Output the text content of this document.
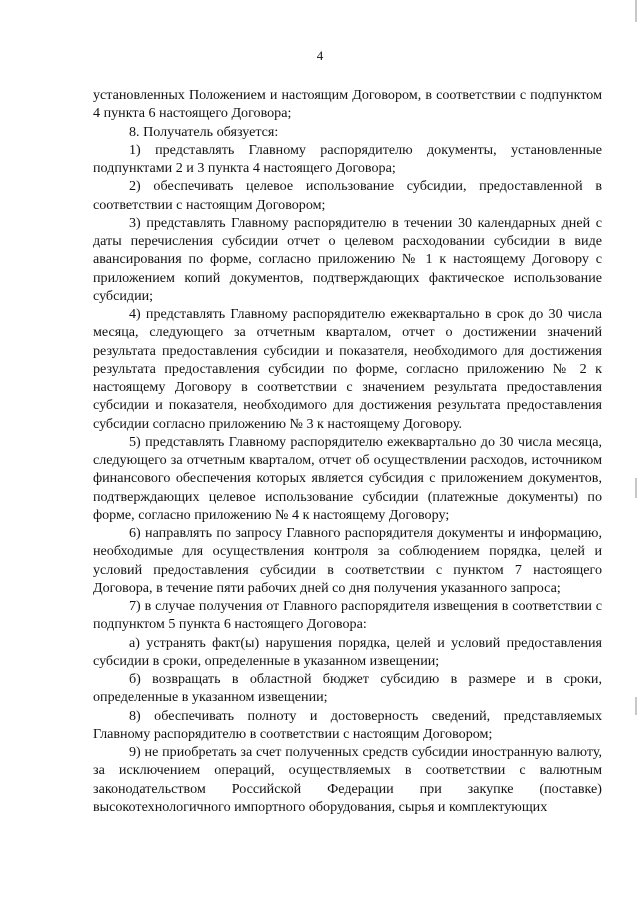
4

установленных Положением и настоящим Договором, в соответствии с подпунктом 4 пункта 6 настоящего Договора;

8. Получатель обязуется:

1) представлять Главному распорядителю документы, установленные подпунктами 2 и 3 пункта 4 настоящего Договора;

2) обеспечивать целевое использование субсидии, предоставленной в соответствии с настоящим Договором;

3) представлять Главному распорядителю в течении 30 календарных дней с даты перечисления субсидии отчет о целевом расходовании субсидии в виде авансирования по форме, согласно приложению № 1 к настоящему Договору с приложением копий документов, подтверждающих фактическое использование субсидии;

4) представлять Главному распорядителю ежеквартально в срок до 30 числа месяца, следующего за отчетным кварталом, отчет о достижении значений результата предоставления субсидии и показателя, необходимого для достижения результата предоставления субсидии по форме, согласно приложению № 2 к настоящему Договору в соответствии с значением результата предоставления субсидии и показателя, необходимого для достижения результата предоставления субсидии согласно приложению № 3 к настоящему Договору.

5) представлять Главному распорядителю ежеквартально до 30 числа месяца, следующего за отчетным кварталом, отчет об осуществлении расходов, источником финансового обеспечения которых является субсидия с приложением документов, подтверждающих целевое использование субсидии (платежные документы) по форме, согласно приложению № 4 к настоящему Договору;

6) направлять по запросу Главного распорядителя документы и информацию, необходимые для осуществления контроля за соблюдением порядка, целей и условий предоставления субсидии в соответствии с пунктом 7 настоящего Договора, в течение пяти рабочих дней со дня получения указанного запроса;

7) в случае получения от Главного распорядителя извещения в соответствии с подпунктом 5 пункта 6 настоящего Договора:

а) устранять факт(ы) нарушения порядка, целей и условий предоставления субсидии в сроки, определенные в указанном извещении;

б) возвращать в областной бюджет субсидию в размере и в сроки, определенные в указанном извещении;

8) обеспечивать полноту и достоверность сведений, представляемых Главному распорядителю в соответствии с настоящим Договором;

9) не приобретать за счет полученных средств субсидии иностранную валюту, за исключением операций, осуществляемых в соответствии с валютным законодательством Российской Федерации при закупке (поставке) высокотехнологичного импортного оборудования, сырья и комплектующих
